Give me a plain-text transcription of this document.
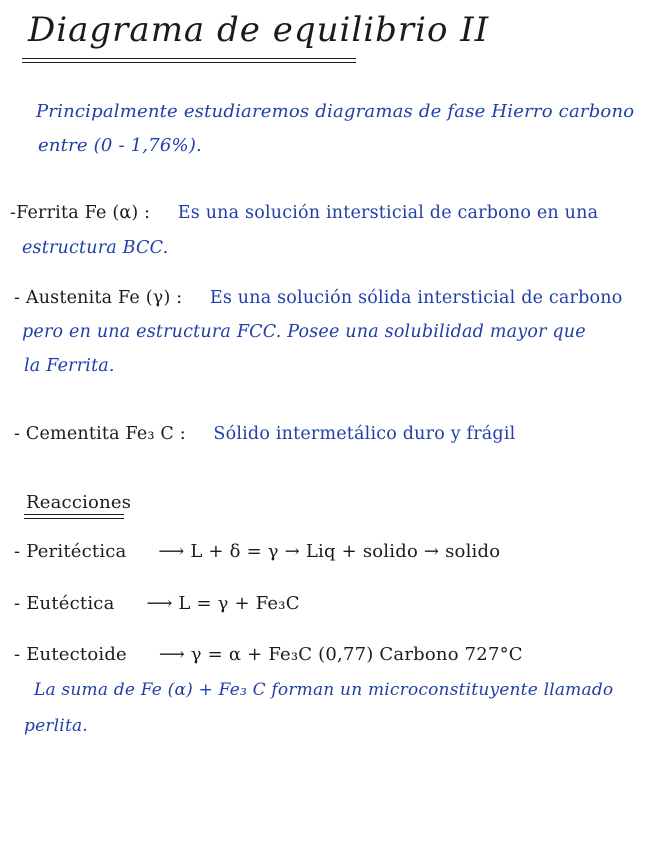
Diagrama de equilibrio II
Principalmente estudiaremos diagramas de fase Hierro carbono
entre (0 - 1,76%).
-Ferrita Fe (α) : Es una solución intersticial de carbono en una
estructura BCC.
- Austenita Fe (γ) : Es una solución sólida intersticial de carbono
pero en una estructura FCC. Posee una solubilidad mayor que
la Ferrita.
- Cementita Fe₃ C : Sólido intermetálico duro y frágil
Reacciones
- Peritéctica ⟶ L + δ = γ → Liq + solido → solido
- Eutéctica ⟶ L = γ + Fe₃C
- Eutectoide ⟶ γ = α + Fe₃C (0,77) Carbono 727°C
La suma de Fe (α) + Fe₃ C forman un microconstituyente llamado
perlita.
